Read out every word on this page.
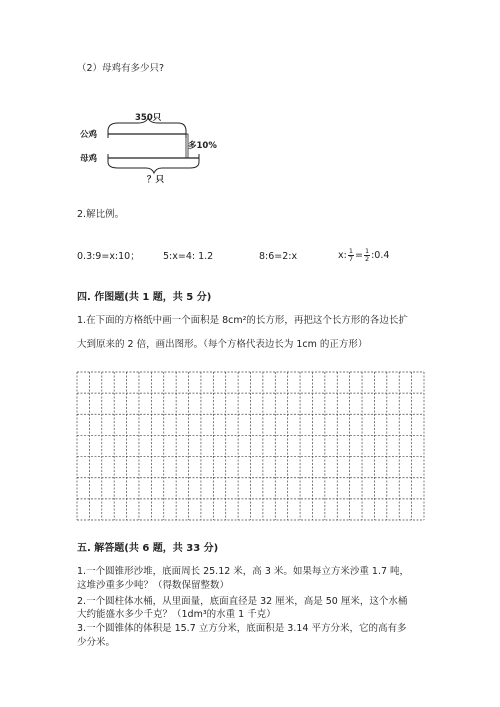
（2）母鸡有多少只?
350只
公鸡
母鸡
多10%
？只
2.解比例。
0.3:9=x:10； 5:x=4: 1.2	8:6=2:x	x: $\frac{1}{7} = \frac{1}{2}$ :0.4
四. 作图题(共 1 题，共 5 分)
1.在下面的方格纸中画一个面积是 8cm²的长方形，再把这个长方形的各边长扩
大到原来的 2 倍，画出图形。（每个方格代表边长为 1cm 的正方形）
五. 解答题(共 6 题，共 33 分)
1.一个圆锥形沙堆，底面周长 25.12 米，高 3 米。如果每立方米沙重 1.7 吨，
这堆沙重多少吨？（得数保留整数）
2.一个圆柱体水桶，从里面量，底面直径是 32 厘米，高是 50 厘米，这个水桶
大约能盛水多少千克？（1dm³的水重 1 千克）
3.一个圆锥体的体积是 15.7 立方分米，底面积是 3.14 平方分米，它的高有多
少分米。
